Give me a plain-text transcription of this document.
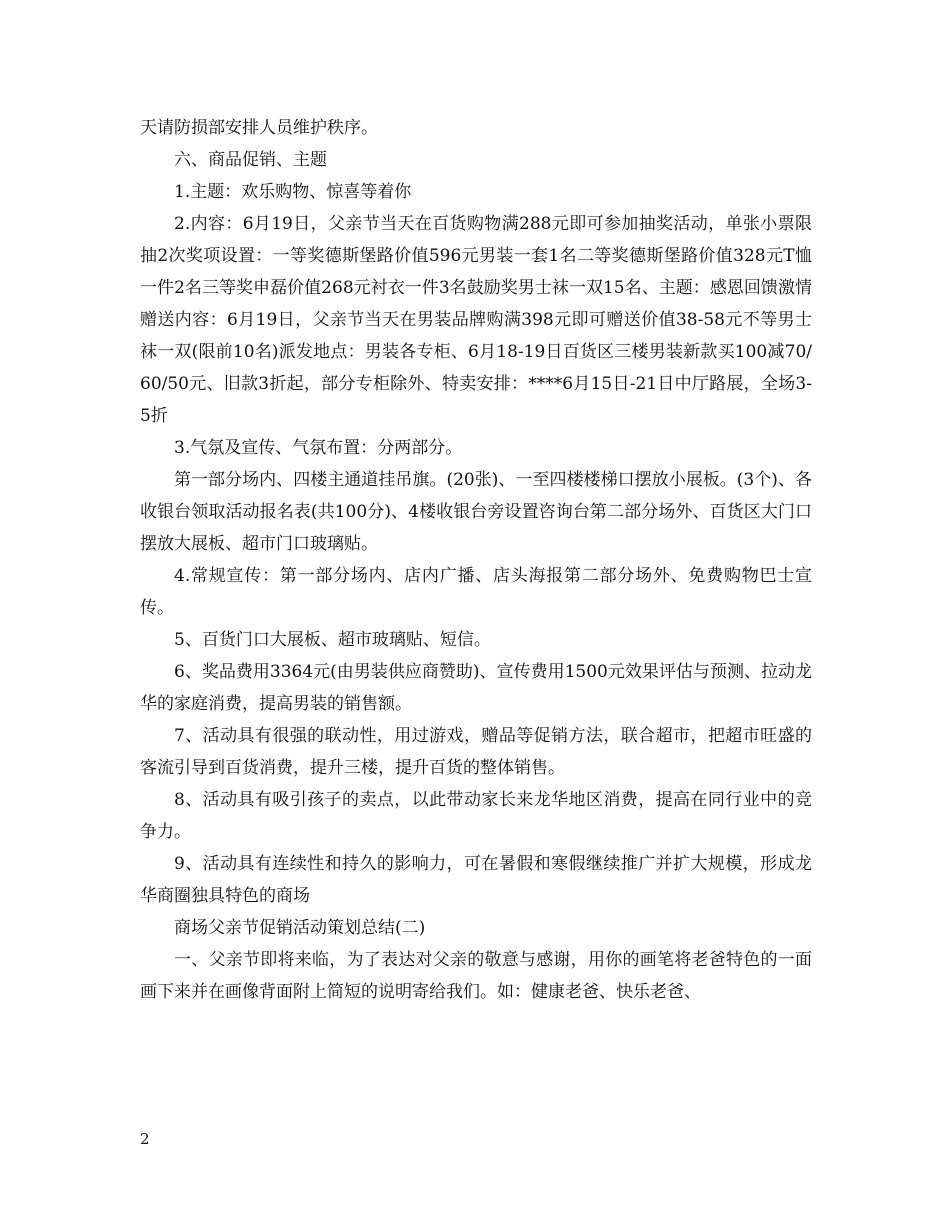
天请防损部安排人员维护秩序。

六、商品促销、主题

1.主题：欢乐购物、惊喜等着你

2.内容：6月19日，父亲节当天在百货购物满288元即可参加抽奖活动，单张小票限抽2次奖项设置：一等奖德斯堡路价值596元男装一套1名二等奖德斯堡路价值328元T恤一件2名三等奖申磊价值268元衬衣一件3名鼓励奖男士袜一双15名、主题：感恩回馈激情赠送内容：6月19日，父亲节当天在男装品牌购满398元即可赠送价值38-58元不等男士袜一双(限前10名)派发地点：男装各专柜、6月18-19日百货区三楼男装新款买100减70/60/50元、旧款3折起，部分专柜除外、特卖安排：****6月15日-21日中厅路展，全场3-5折

3.气氛及宣传、气氛布置：分两部分。

第一部分场内、四楼主通道挂吊旗。(20张)、一至四楼楼梯口摆放小展板。(3个)、各收银台领取活动报名表(共100分)、4楼收银台旁设置咨询台第二部分场外、百货区大门口摆放大展板、超市门口玻璃贴。

4.常规宣传：第一部分场内、店内广播、店头海报第二部分场外、免费购物巴士宣传。

5、百货门口大展板、超市玻璃贴、短信。

6、奖品费用3364元(由男装供应商赞助)、宣传费用1500元效果评估与预测、拉动龙华的家庭消费，提高男装的销售额。

7、活动具有很强的联动性，用过游戏，赠品等促销方法，联合超市，把超市旺盛的客流引导到百货消费，提升三楼，提升百货的整体销售。

8、活动具有吸引孩子的卖点，以此带动家长来龙华地区消费，提高在同行业中的竞争力。

9、活动具有连续性和持久的影响力，可在暑假和寒假继续推广并扩大规模，形成龙华商圈独具特色的商场

商场父亲节促销活动策划总结(二)

一、父亲节即将来临，为了表达对父亲的敬意与感谢，用你的画笔将老爸特色的一面画下来并在画像背面附上简短的说明寄给我们。如：健康老爸、快乐老爸、

2
